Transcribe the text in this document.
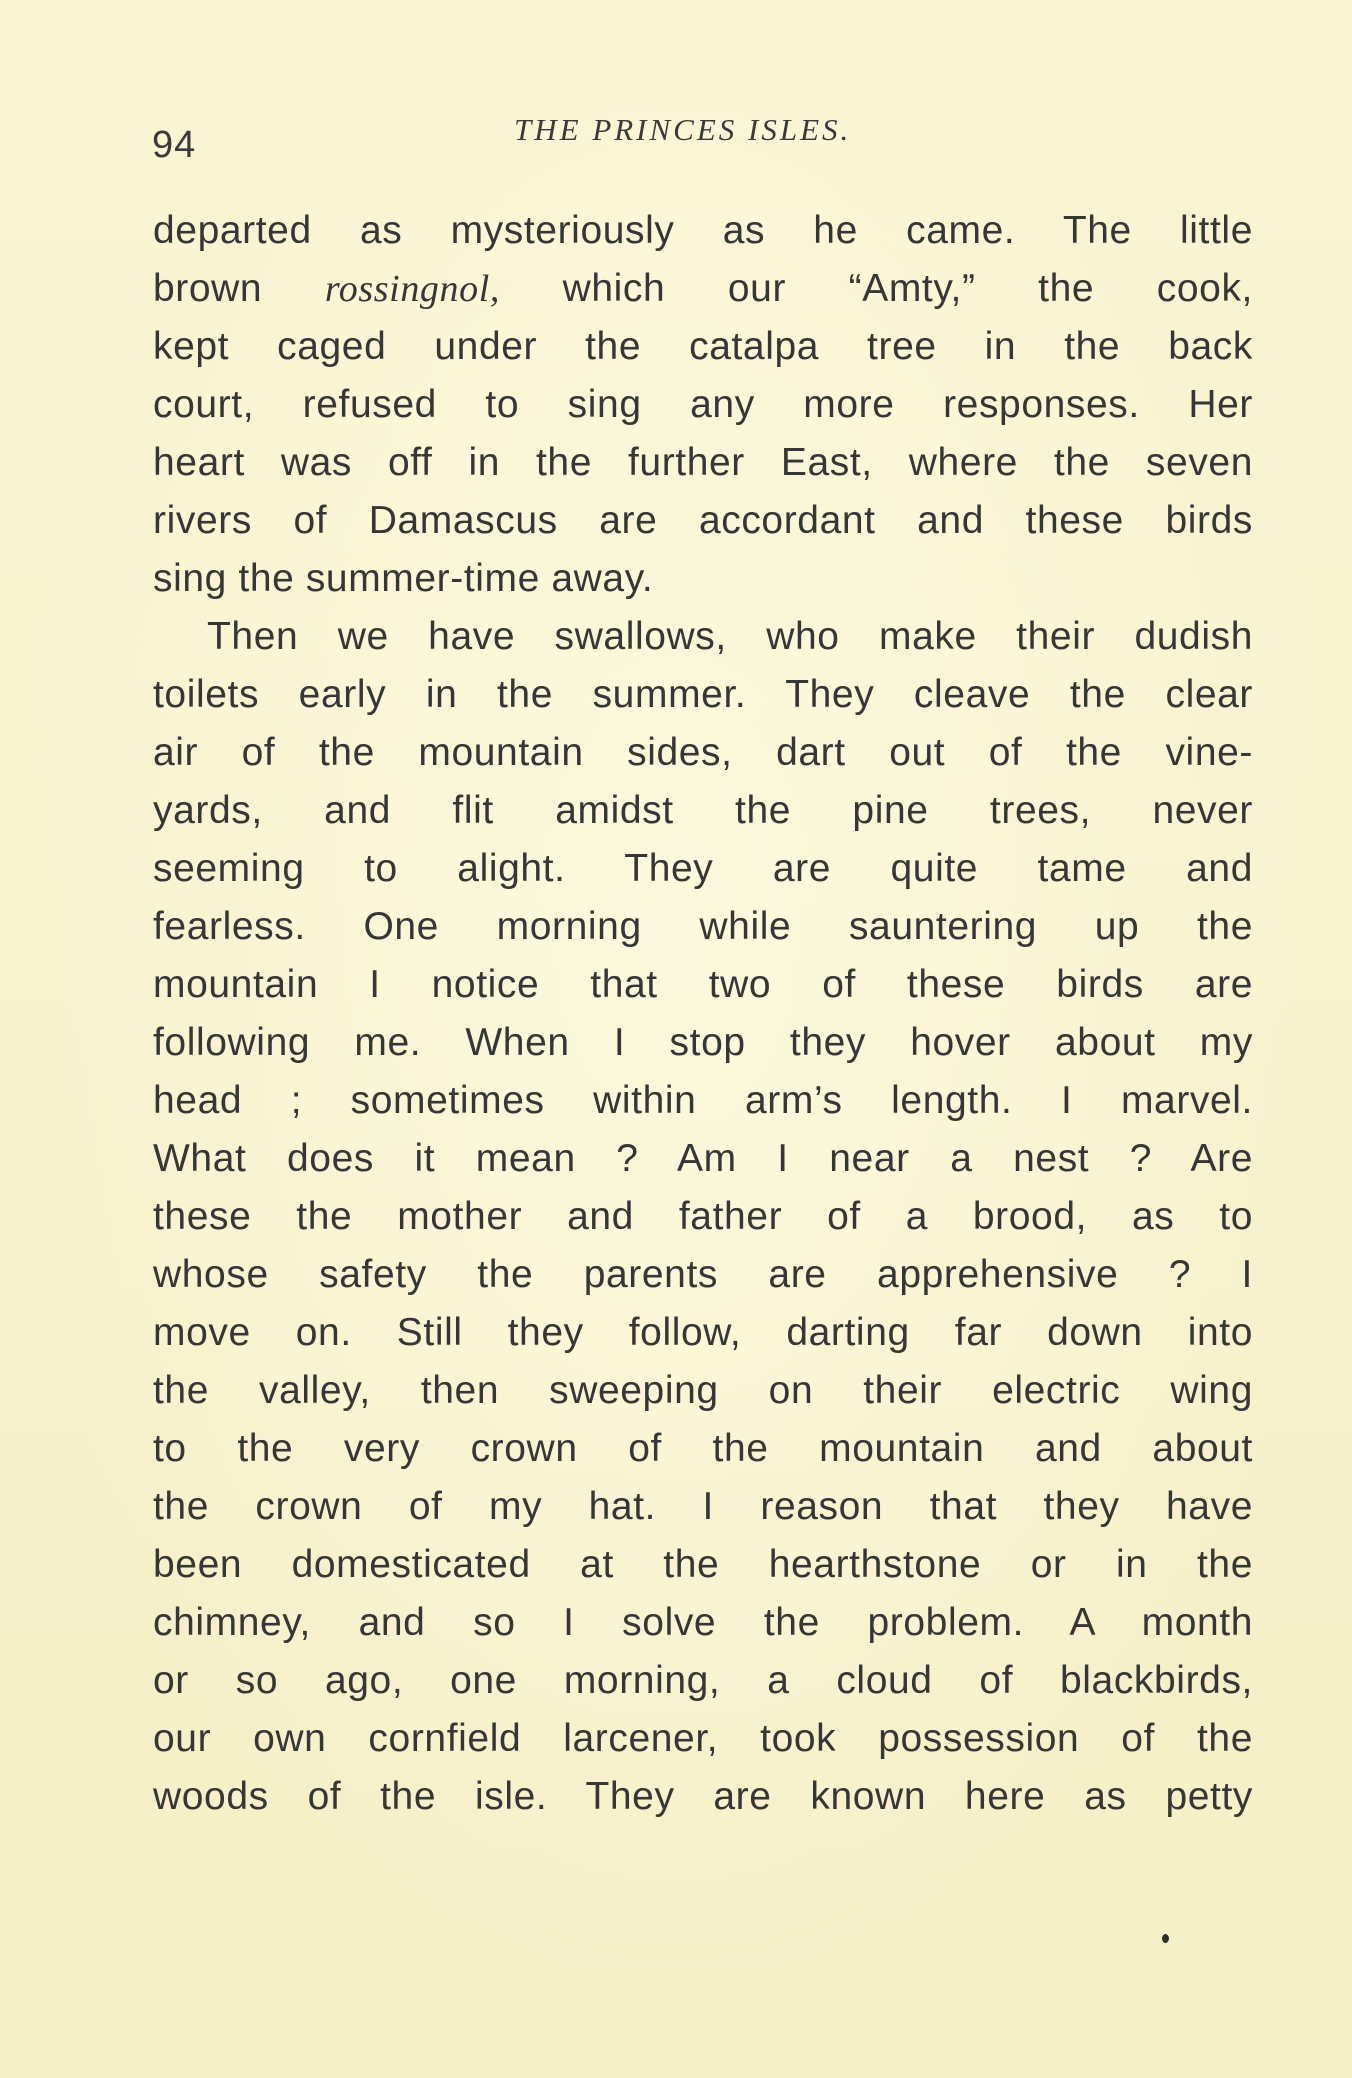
94	THE PRINCES ISLES.
departed as mysteriously as he came. The little
brown rossingnol, which our “Amty,” the cook,
kept caged under the catalpa tree in the back
court, refused to sing any more responses. Her
heart was off in the further East, where the seven
rivers of Damascus are accordant and these birds
sing the summer-time away.
Then we have swallows, who make their dudish
toilets early in the summer. They cleave the clear
air of the mountain sides, dart out of the vine-
yards, and flit amidst the pine trees, never
seeming to alight. They are quite tame and
fearless. One morning while sauntering up the
mountain I notice that two of these birds are
following me. When I stop they hover about my
head ; sometimes within arm’s length. I marvel.
What does it mean ? Am I near a nest ? Are
these the mother and father of a brood, as to
whose safety the parents are apprehensive ? I
move on. Still they follow, darting far down into
the valley, then sweeping on their electric wing
to the very crown of the mountain and about
the crown of my hat. I reason that they have
been domesticated at the hearthstone or in the
chimney, and so I solve the problem. A month
or so ago, one morning, a cloud of blackbirds,
our own cornfield larcener, took possession of the
woods of the isle. They are known here as petty
